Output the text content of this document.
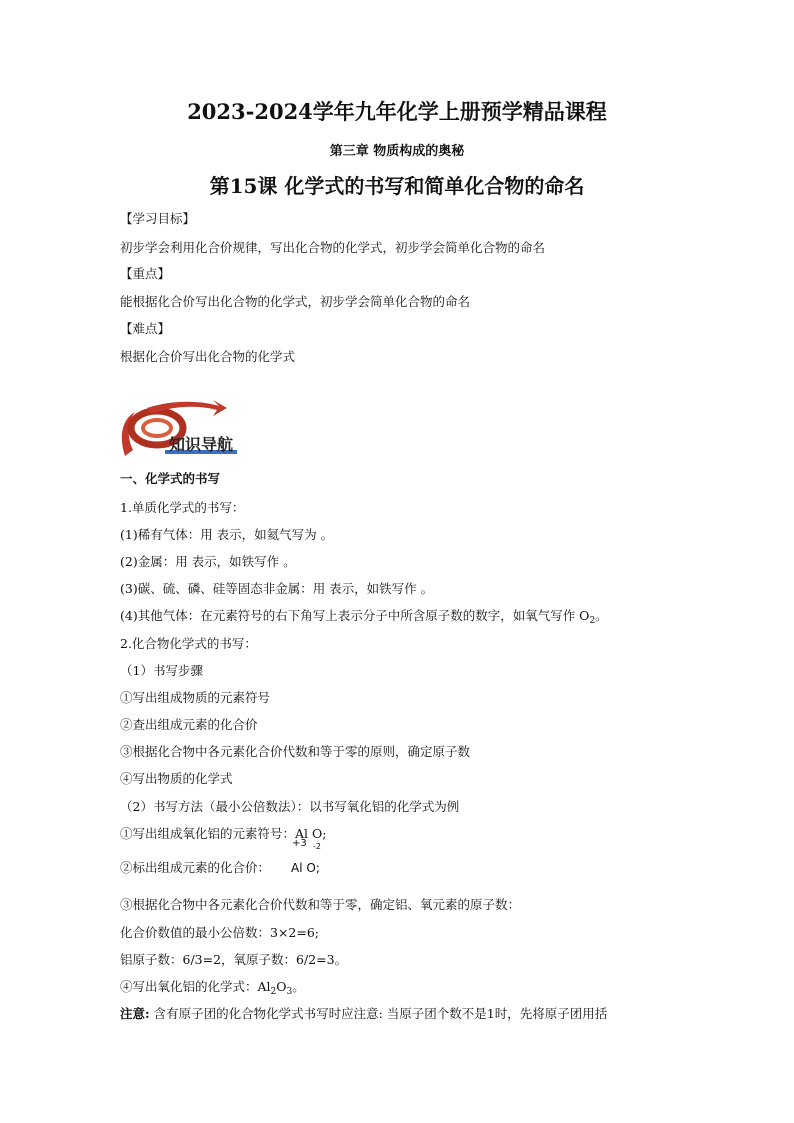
2023-2024学年九年化学上册预学精品课程
第三章 物质构成的奥秘
第15课 化学式的书写和简单化合物的命名
【学习目标】
初步学会利用化合价规律，写出化合物的化学式，初步学会简单化合物的命名
【重点】
能根据化合价写出化合物的化学式，初步学会简单化合物的命名
【难点】
根据化合价写出化合物的化学式
知识导航
一、化学式的书写
1.单质化学式的书写：
(1)稀有气体：用 表示，如氦气写为 。
(2)金属：用 表示，如铁写作 。
(3)碳、硫、磷、硅等固态非金属：用 表示，如铁写作 。
(4)其他气体：在元素符号的右下角写上表示分子中所含原子数的数字，如氧气写作 $O_2$。
2.化合物化学式的书写：
（1）书写步骤
①写出组成物质的元素符号
②查出组成元素的化合价
③根据化合物中各元素化合价代数和等于零的原则，确定原子数
④写出物质的化学式
（2）书写方法（最小公倍数法）：以书写氧化铝的化学式为例
①写出组成氧化铝的元素符号：Al O;
②标出组成元素的化合价：
+3 -2
Al O;
③根据化合物中各元素化合价代数和等于零，确定铝、氧元素的原子数：
化合价数值的最小公倍数：3×2=6;
铝原子数：6/3=2，氧原子数：6/2=3。
④写出氧化铝的化学式：$Al_2O_3$。
注意: 含有原子团的化合物化学式书写时应注意: 当原子团个数不是1时，先将原子团用括
